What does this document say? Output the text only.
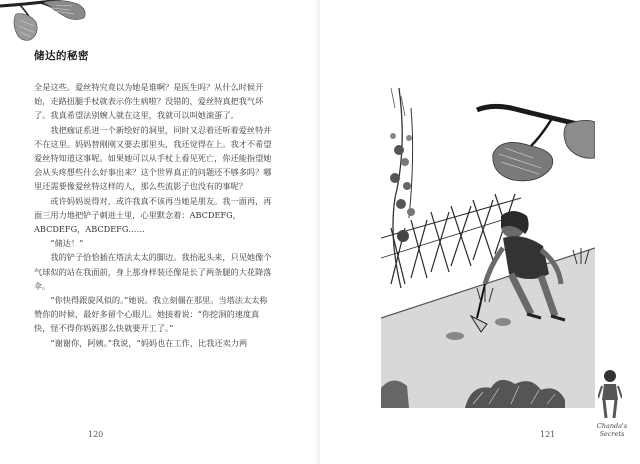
储达的秘密

全是这些。爱丝特究竟以为她是谁啊？是医生吗？从什么时候开始，走路扭腿手杖就表示你生病啦？没错的，爱丝特真把我气坏了。我真希望法别婉人就在这里，我就可以叫她滚蛋了。

我把痂证系进一个新绘好的洞里，同时又忍着还听着爱丝特并不在这里。妈妈替刚刚又要去那里头，我还觉得在上。我才不希望爱丝特知道这事呢。如果她可以从手杖上看见死亡，你还能指望她会从头疼想些什么好事出来？这个世界真正的问题还不够多吗？哪里还需要像爱丝特这样的人，那么些流影子也没有的事呢？

或许妈妈说得对，或许我真不该再当她是朋友。我一面再，再面三用力地把铲子刺进土里，心里默念着：ABCDEFG，ABCDEFG，ABCDEFG……

“储达！”

我的铲子恰恰插在塔法太太的脚边。我抬起头来，只见她像个气球似的站在我面前，身上那身样装还像是长了两条腿的大花降落伞。

“你快得跟旋风似的。”她说。我立刻僵在那里。当塔法太太称赞你的时候，最好多留个心眼儿。她接着说：“你挖洞的速度真快，怪不得你妈妈那么快就要开工了。”

“谢谢你，阿姨。”我说，“妈妈也在工作，比我还卖力两

120
Chanda's
Secrets
121
